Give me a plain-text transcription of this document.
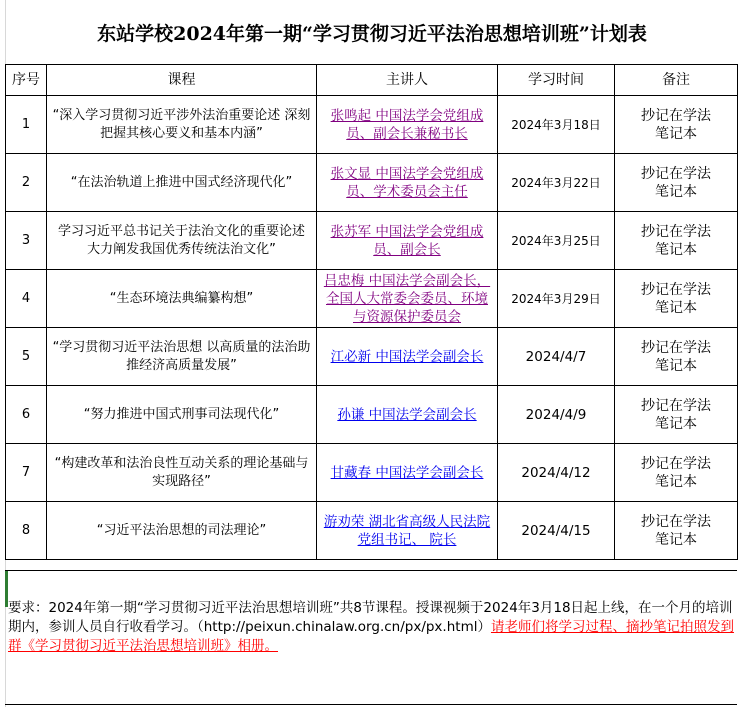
东站学校2024年第一期“学习贯彻习近平法治思想培训班”计划表
序号	课程	主讲人	学习时间	备注
1	“深入学习贯彻习近平涉外法治重要论述 深刻把握其核心要义和基本内涵”	张鸣起 中国法学会党组成员、副会长兼秘书长	2024年3月18日	抄记在学法笔记本
2	“在法治轨道上推进中国式经济现代化”	张文显 中国法学会党组成员、学术委员会主任	2024年3月22日	抄记在学法笔记本
3	学习习近平总书记关于法治文化的重要论述 大力阐发我国优秀传统法治文化”	张苏军 中国法学会党组成员、副会长	2024年3月25日	抄记在学法笔记本
4	“生态环境法典编纂构想”	吕忠梅 中国法学会副会长，全国人大常委会委员、环境与资源保护委员会	2024年3月29日	抄记在学法笔记本
5	“学习贯彻习近平法治思想 以高质量的法治助推经济高质量发展”	江必新 中国法学会副会长	2024/4/7	抄记在学法笔记本
6	“努力推进中国式刑事司法现代化”	孙谦 中国法学会副会长	2024/4/9	抄记在学法笔记本
7	“构建改革和法治良性互动关系的理论基础与实现路径”	甘藏春 中国法学会副会长	2024/4/12	抄记在学法笔记本
8	“习近平法治思想的司法理论”	游劝荣 湖北省高级人民法院党组书记、 院长	2024/4/15	抄记在学法笔记本
要求：2024年第一期“学习贯彻习近平法治思想培训班”共8节课程。授课视频于2024年3月18日起上线，在一个月的培训期内，参训人员自行收看学习。（http://peixun.chinalaw.org.cn/px/px.html）请老师们将学习过程、摘抄笔记拍照发到群《学习贯彻习近平法治思想培训班》相册。
